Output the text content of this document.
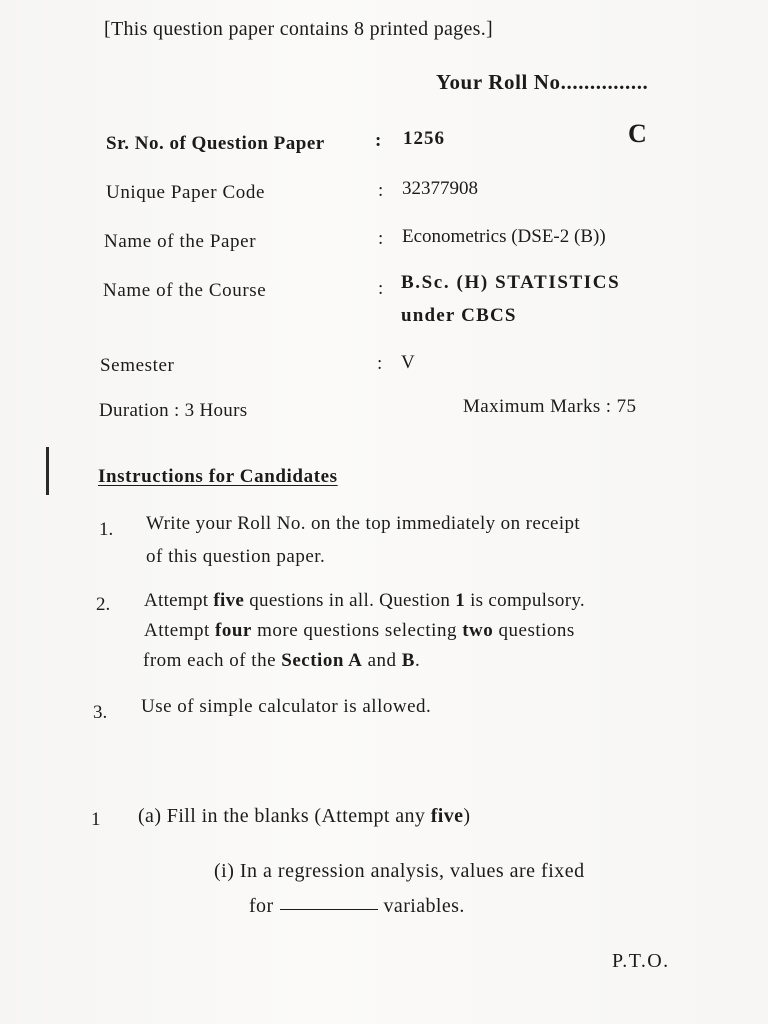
[This question paper contains 8 printed pages.]
Your Roll No...............
Sr. No. of Question Paper	: 1256	C
Unique Paper Code	: 32377908
Name of the Paper	: Econometrics (DSE-2 (B))
Name of the Course	: B.Sc. (H) STATISTICS
under CBCS
Semester	: V
Duration : 3 Hours	Maximum Marks : 75
Instructions for Candidates
1. Write your Roll No. on the top immediately on receipt
of this question paper.
2. Attempt five questions in all. Question 1 is compulsory.
Attempt four more questions selecting two questions
from each of the Section A and B.
3. Use of simple calculator is allowed.
1 (a) Fill in the blanks (Attempt any five)
(i) In a regression analysis, values are fixed
for	variables.
P.T.O.
